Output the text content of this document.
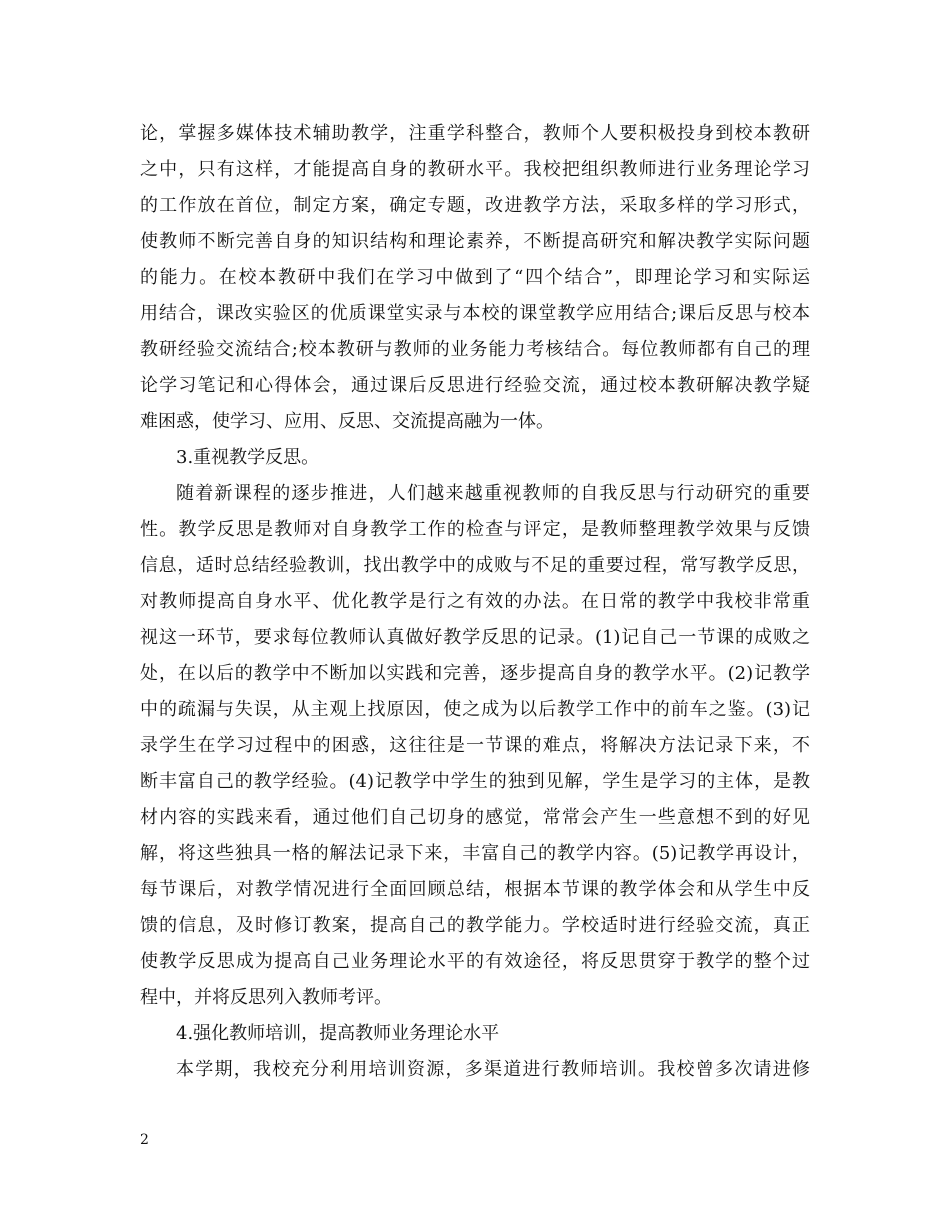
论，掌握多媒体技术辅助教学，注重学科整合，教师个人要积极投身到校本教研

之中，只有这样，才能提高自身的教研水平。我校把组织教师进行业务理论学习

的工作放在首位，制定方案，确定专题，改进教学方法，采取多样的学习形式，

使教师不断完善自身的知识结构和理论素养，不断提高研究和解决教学实际问题

的能力。在校本教研中我们在学习中做到了“四个结合”，即理论学习和实际运

用结合，课改实验区的优质课堂实录与本校的课堂教学应用结合;课后反思与校本

教研经验交流结合;校本教研与教师的业务能力考核结合。每位教师都有自己的理

论学习笔记和心得体会，通过课后反思进行经验交流，通过校本教研解决教学疑

难困惑，使学习、应用、反思、交流提高融为一体。

3.重视教学反思。

随着新课程的逐步推进，人们越来越重视教师的自我反思与行动研究的重要

性。教学反思是教师对自身教学工作的检查与评定，是教师整理教学效果与反馈

信息，适时总结经验教训，找出教学中的成败与不足的重要过程，常写教学反思，

对教师提高自身水平、优化教学是行之有效的办法。在日常的教学中我校非常重

视这一环节，要求每位教师认真做好教学反思的记录。(1)记自己一节课的成败之

处，在以后的教学中不断加以实践和完善，逐步提高自身的教学水平。(2)记教学

中的疏漏与失误，从主观上找原因，使之成为以后教学工作中的前车之鉴。(3)记

录学生在学习过程中的困惑，这往往是一节课的难点，将解决方法记录下来，不

断丰富自己的教学经验。(4)记教学中学生的独到见解，学生是学习的主体，是教

材内容的实践来看，通过他们自己切身的感觉，常常会产生一些意想不到的好见

解，将这些独具一格的解法记录下来，丰富自己的教学内容。(5)记教学再设计，

每节课后，对教学情况进行全面回顾总结，根据本节课的教学体会和从学生中反

馈的信息，及时修订教案，提高自己的教学能力。学校适时进行经验交流，真正

使教学反思成为提高自己业务理论水平的有效途径，将反思贯穿于教学的整个过

程中，并将反思列入教师考评。

4.强化教师培训，提高教师业务理论水平

本学期，我校充分利用培训资源，多渠道进行教师培训。我校曾多次请进修

2
